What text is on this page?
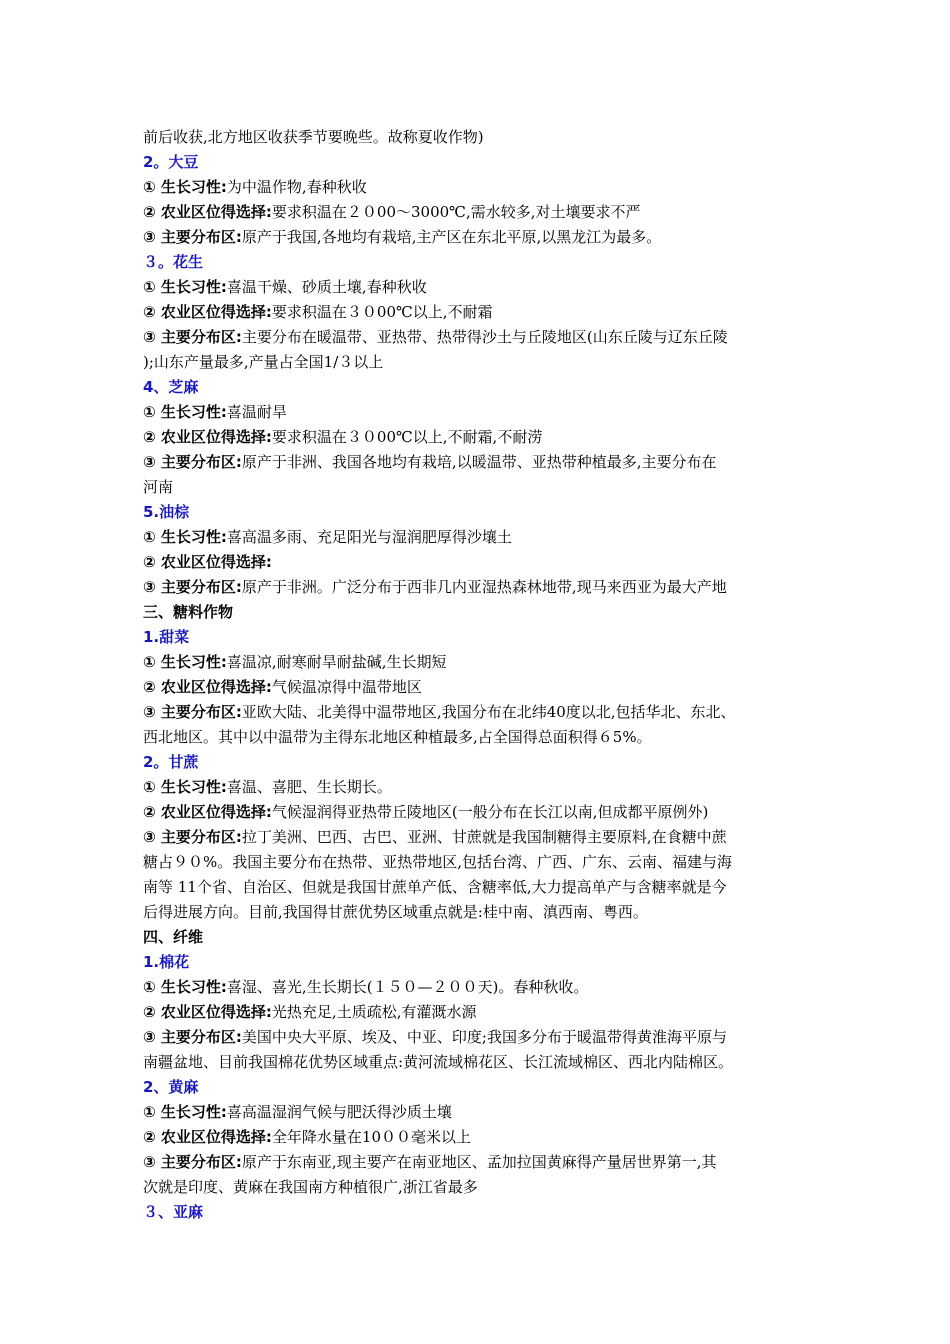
前后收获,北方地区收获季节要晚些。故称夏收作物)
2。大豆
① 生长习性:为中温作物,春种秋收
② 农业区位得选择:要求积温在２０00～3000℃,需水较多,对土壤要求不严
③ 主要分布区:原产于我国,各地均有栽培,主产区在东北平原,以黑龙江为最多。
３。花生
① 生长习性:喜温干燥、砂质土壤,春种秋收
② 农业区位得选择:要求积温在３０00℃以上,不耐霜
③ 主要分布区:主要分布在暖温带、亚热带、热带得沙土与丘陵地区(山东丘陵与辽东丘陵
);山东产量最多,产量占全国1/３以上
4、芝麻
① 生长习性:喜温耐旱
② 农业区位得选择:要求积温在３０00℃以上,不耐霜,不耐涝
③ 主要分布区:原产于非洲、我国各地均有栽培,以暖温带、亚热带种植最多,主要分布在
河南
5.油棕
① 生长习性:喜高温多雨、充足阳光与湿润肥厚得沙壤土
② 农业区位得选择:
③ 主要分布区:原产于非洲。广泛分布于西非几内亚湿热森林地带,现马来西亚为最大产地
三、糖料作物
1.甜菜
① 生长习性:喜温凉,耐寒耐旱耐盐碱,生长期短
② 农业区位得选择:气候温凉得中温带地区
③ 主要分布区:亚欧大陆、北美得中温带地区,我国分布在北纬40度以北,包括华北、东北、
西北地区。其中以中温带为主得东北地区种植最多,占全国得总面积得６5%。
2。甘蔗
① 生长习性:喜温、喜肥、生长期长。
② 农业区位得选择:气候湿润得亚热带丘陵地区(一般分布在长江以南,但成都平原例外)
③ 主要分布区:拉丁美洲、巴西、古巴、亚洲、甘蔗就是我国制糖得主要原料,在食糖中蔗
糖占９０%。我国主要分布在热带、亚热带地区,包括台湾、广西、广东、云南、福建与海
南等 11个省、自治区、但就是我国甘蔗单产低、含糖率低,大力提高单产与含糖率就是今
后得进展方向。目前,我国得甘蔗优势区域重点就是:桂中南、滇西南、粤西。
四、纤维
1.棉花
① 生长习性:喜湿、喜光,生长期长(１５０—２００天)。春种秋收。
② 农业区位得选择:光热充足,土质疏松,有灌溉水源
③ 主要分布区:美国中央大平原、埃及、中亚、印度;我国多分布于暖温带得黄淮海平原与
南疆盆地、目前我国棉花优势区域重点:黄河流域棉花区、长江流域棉区、西北内陆棉区。
2、黄麻
① 生长习性:喜高温湿润气候与肥沃得沙质土壤
② 农业区位得选择:全年降水量在10００毫米以上
③ 主要分布区:原产于东南亚,现主要产在南亚地区、孟加拉国黄麻得产量居世界第一,其
次就是印度、黄麻在我国南方种植很广,浙江省最多
３、亚麻
